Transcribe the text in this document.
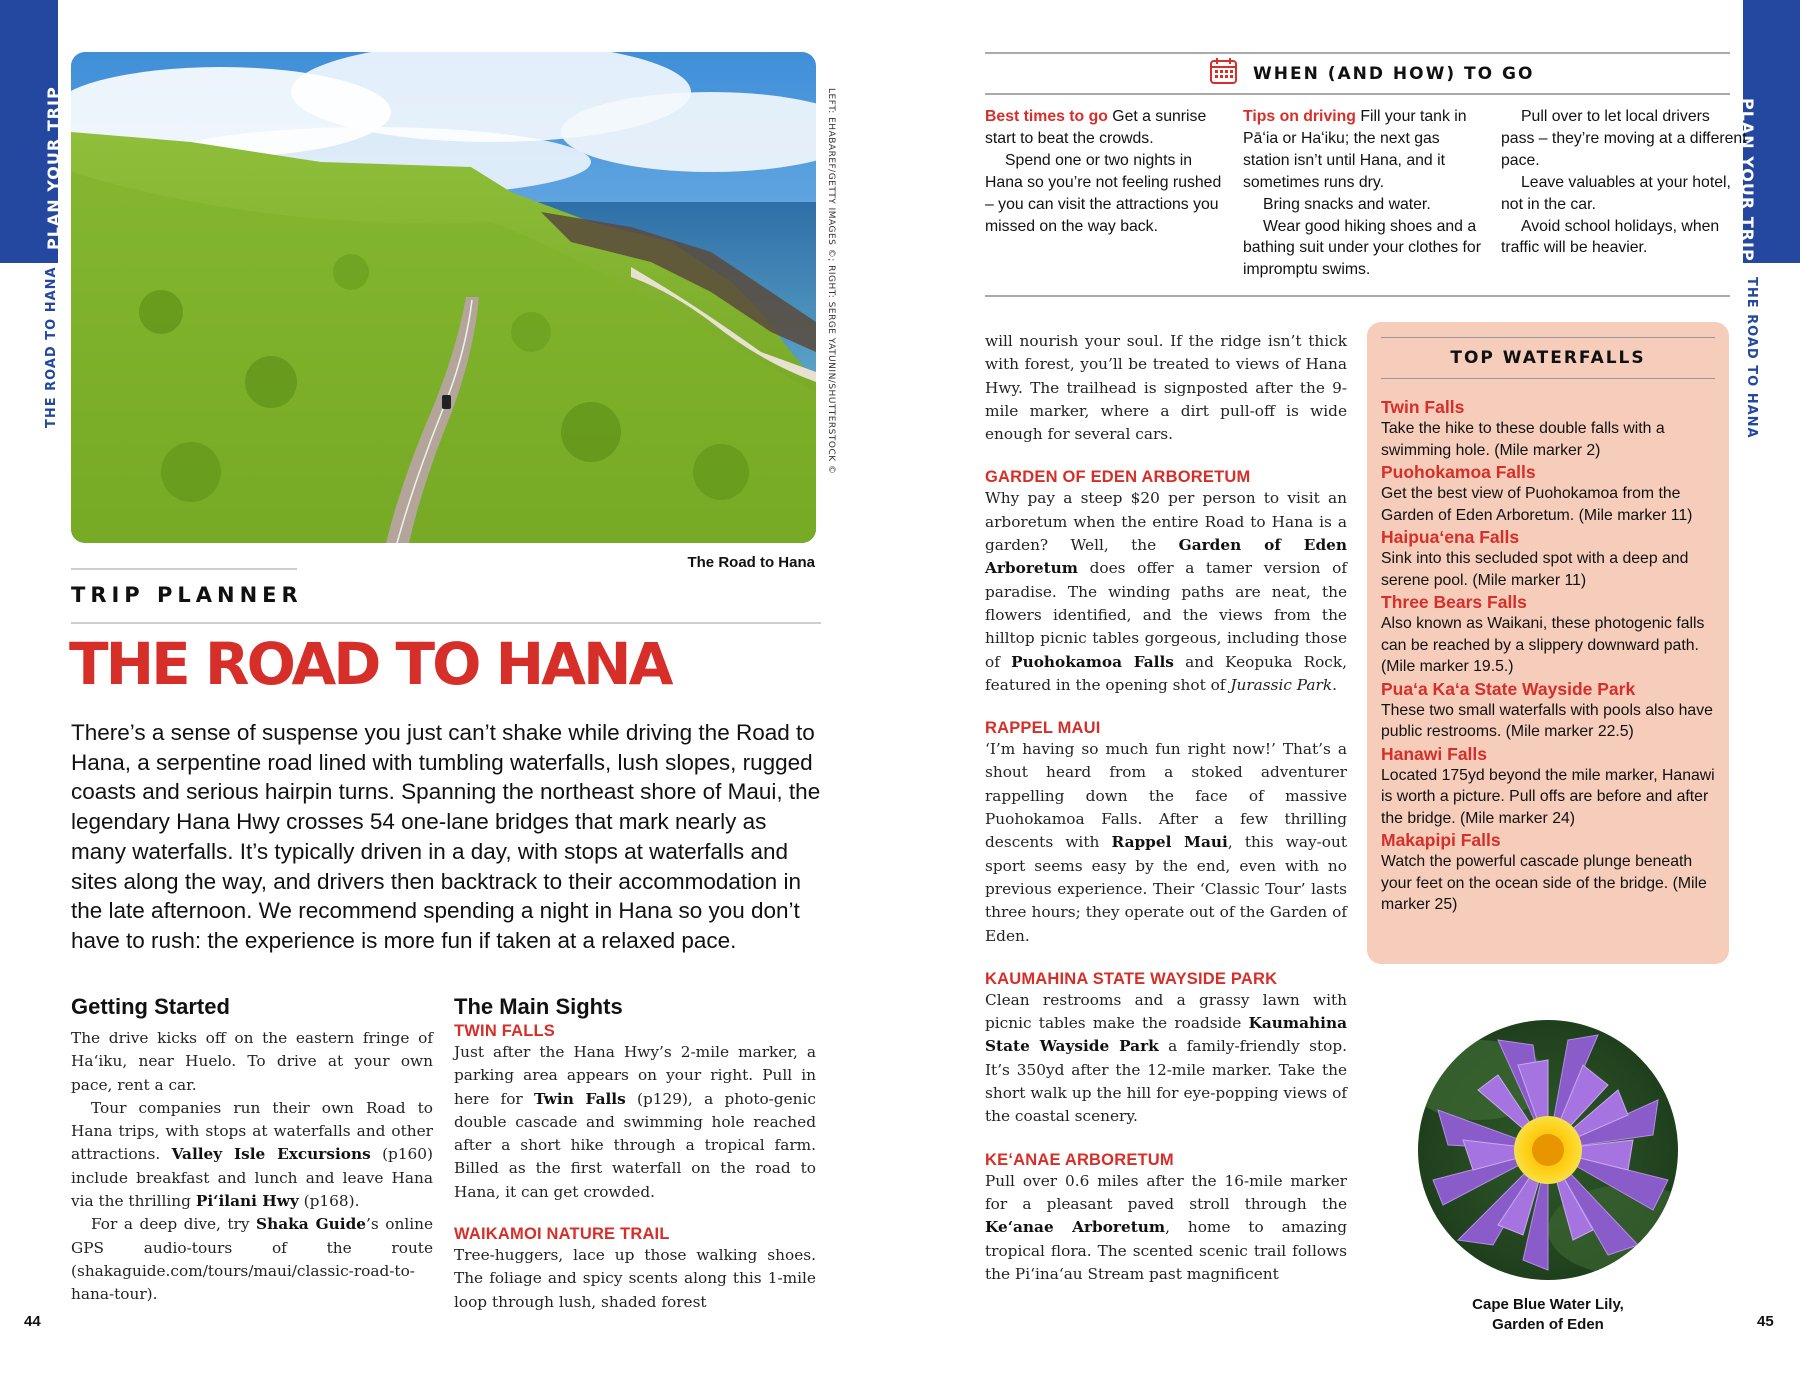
PLAN YOUR TRIP
THE ROAD TO HANA
PLAN YOUR TRIP
THE ROAD TO HANA
LEFT: EHABAREF/GETTY IMAGES ©; RIGHT: SERGE YATUNIN/SHUTTERSTOCK ©
The Road to Hana
TRIP PLANNER
THE ROAD TO HANA
There’s a sense of suspense you just can’t shake while driving the Road to Hana, a serpentine road lined with tumbling waterfalls, lush slopes, rugged coasts and serious hairpin turns. Spanning the northeast shore of Maui, the legendary Hana Hwy crosses 54 one-lane bridges that mark nearly as many waterfalls. It’s typically driven in a day, with stops at waterfalls and sites along the way, and drivers then backtrack to their accommodation in the late afternoon. We recommend spending a night in Hana so you don’t have to rush: the experience is more fun if taken at a relaxed pace.
Getting Started

The drive kicks off on the eastern fringe of Haʻiku, near Huelo. To drive at your own pace, rent a car.

Tour companies run their own Road to Hana trips, with stops at waterfalls and other attractions. Valley Isle Excursions (p160) include breakfast and lunch and leave Hana via the thrilling Piʻilani Hwy (p168).

For a deep dive, try Shaka Guide’s online GPS audio-tours of the route (shakaguide.com/tours/maui/classic-road-to-hana-tour).

The Main Sights
TWIN FALLS

Just after the Hana Hwy’s 2-mile marker, a parking area appears on your right. Pull in here for Twin Falls (p129), a photo-genic double cascade and swimming hole reached after a short hike through a tropical farm. Billed as the first waterfall on the road to Hana, it can get crowded.

WAIKAMOI NATURE TRAIL

Tree-huggers, lace up those walking shoes. The foliage and spicy scents along this 1-mile loop through lush, shaded forest

44
WHEN (AND HOW) TO GO

Best times to go Get a sunrise start to beat the crowds.

Spend one or two nights in Hana so you’re not feeling rushed – you can visit the attractions you missed on the way back.

Tips on driving Fill your tank in Pāʻia or Haʻiku; the next gas station isn’t until Hana, and it sometimes runs dry.

Bring snacks and water.

Wear good hiking shoes and a bathing suit under your clothes for impromptu swims.

Pull over to let local drivers pass – they’re moving at a different pace.

Leave valuables at your hotel, not in the car.

Avoid school holidays, when traffic will be heavier.

will nourish your soul. If the ridge isn’t thick with forest, you’ll be treated to views of Hana Hwy. The trailhead is signposted after the 9-mile marker, where a dirt pull-off is wide enough for several cars.
GARDEN OF EDEN ARBORETUM

Why pay a steep $20 per person to visit an arboretum when the entire Road to Hana is a garden? Well, the Garden of Eden Arboretum does offer a tamer version of paradise. The winding paths are neat, the flowers identified, and the views from the hilltop picnic tables gorgeous, including those of Puohokamoa Falls and Keopuka Rock, featured in the opening shot of Jurassic Park.

RAPPEL MAUI

‘I’m having so much fun right now!’ That’s a shout heard from a stoked adventurer rappelling down the face of massive Puohokamoa Falls. After a few thrilling descents with Rappel Maui, this way-out sport seems easy by the end, even with no previous experience. Their ‘Classic Tour’ lasts three hours; they operate out of the Garden of Eden.

KAUMAHINA STATE WAYSIDE PARK

Clean restrooms and a grassy lawn with picnic tables make the roadside Kaumahina State Wayside Park a family-friendly stop. It’s 350yd after the 12-mile marker. Take the short walk up the hill for eye-popping views of the coastal scenery.

KEʻANAE ARBORETUM

Pull over 0.6 miles after the 16-mile marker for a pleasant paved stroll through the Keʻanae Arboretum, home to amazing tropical flora. The scented scenic trail follows the Piʻinaʻau Stream past magnificent

TOP WATERFALLS
Twin Falls
Take the hike to these double falls with a swimming hole. (Mile marker 2)
Puohokamoa Falls
Get the best view of Puohokamoa from the Garden of Eden Arboretum. (Mile marker 11)
Haipuaʻena Falls
Sink into this secluded spot with a deep and serene pool. (Mile marker 11)
Three Bears Falls
Also known as Waikani, these photogenic falls can be reached by a slippery downward path. (Mile marker 19.5.)
Puaʻa Kaʻa State Wayside Park
These two small waterfalls with pools also have public restrooms. (Mile marker 22.5)
Hanawi Falls
Located 175yd beyond the mile marker, Hanawi is worth a picture. Pull offs are before and after the bridge. (Mile marker 24)
Makapipi Falls
Watch the powerful cascade plunge beneath your feet on the ocean side of the bridge. (Mile marker 25)
Cape Blue Water Lily,
Garden of Eden	45
